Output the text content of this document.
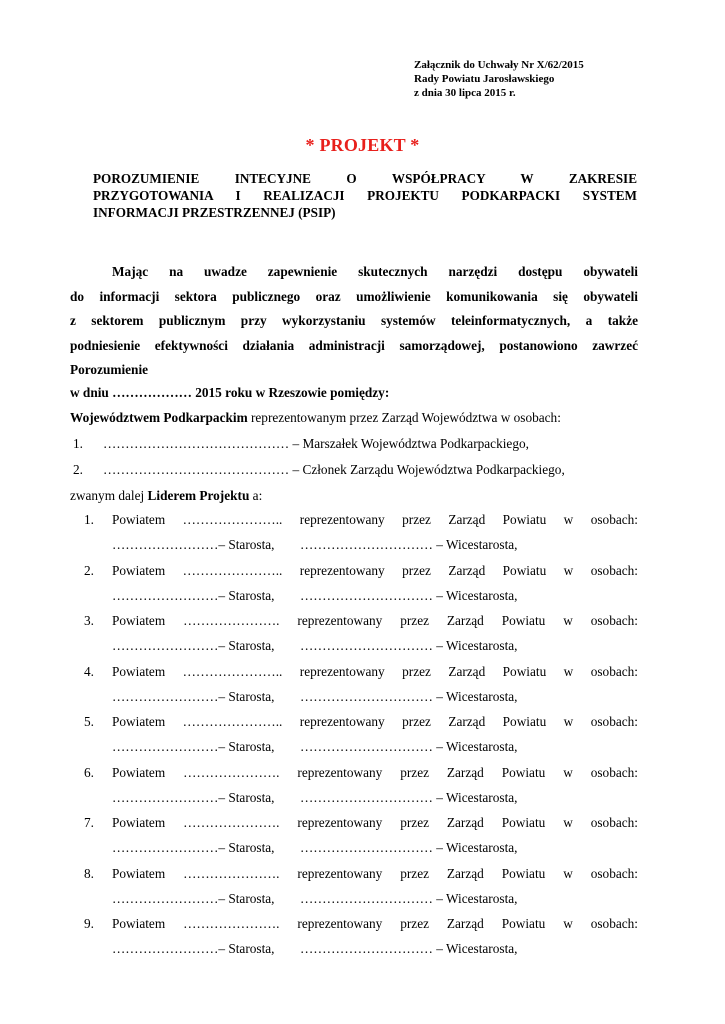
Załącznik do Uchwały Nr X/62/2015
Rady Powiatu Jarosławskiego
z dnia 30 lipca 2015 r.
* PROJEKT *
POROZUMIENIE INTECYJNE O WSPÓŁPRACY W ZAKRESIE
PRZYGOTOWANIA I REALIZACJI PROJEKTU PODKARPACKI SYSTEM
INFORMACJI PRZESTRZENNEJ (PSIP)
Mając na uwadze zapewnienie skutecznych narzędzi dostępu obywateli
do informacji sektora publicznego oraz umożliwienie komunikowania się obywateli
z sektorem publicznym przy wykorzystaniu systemów teleinformatycznych, a także
podniesienie efektywności działania administracji samorządowej, postanowiono zawrzeć
Porozumienie
w dniu ……………… 2015 roku w Rzeszowie pomiędzy:
Województwem Podkarpackim reprezentowanym przez Zarząd Województwa w osobach:
1. …………………………………… – Marszałek Województwa Podkarpackiego,
2. …………………………………… – Członek Zarządu Województwa Podkarpackiego,
zwanym dalej Liderem Projektu a:
1.	Powiatem ………………….. reprezentowany przez Zarząd Powiatu w osobach:
……………………– Starosta, ………………………… – Wicestarosta,
2.	Powiatem ………………….. reprezentowany przez Zarząd Powiatu w osobach:
……………………– Starosta, ………………………… – Wicestarosta,
3.	Powiatem …………………. reprezentowany przez Zarząd Powiatu w osobach:
……………………– Starosta, ………………………… – Wicestarosta,
4.	Powiatem ………………….. reprezentowany przez Zarząd Powiatu w osobach:
……………………– Starosta, ………………………… – Wicestarosta,
5.	Powiatem ………………….. reprezentowany przez Zarząd Powiatu w osobach:
……………………– Starosta, ………………………… – Wicestarosta,
6.	Powiatem …………………. reprezentowany przez Zarząd Powiatu w osobach:
……………………– Starosta, ………………………… – Wicestarosta,
7.	Powiatem …………………. reprezentowany przez Zarząd Powiatu w osobach:
……………………– Starosta, ………………………… – Wicestarosta,
8.	Powiatem …………………. reprezentowany przez Zarząd Powiatu w osobach:
……………………– Starosta, ………………………… – Wicestarosta,
9.	Powiatem …………………. reprezentowany przez Zarząd Powiatu w osobach:
……………………– Starosta, ………………………… – Wicestarosta,
